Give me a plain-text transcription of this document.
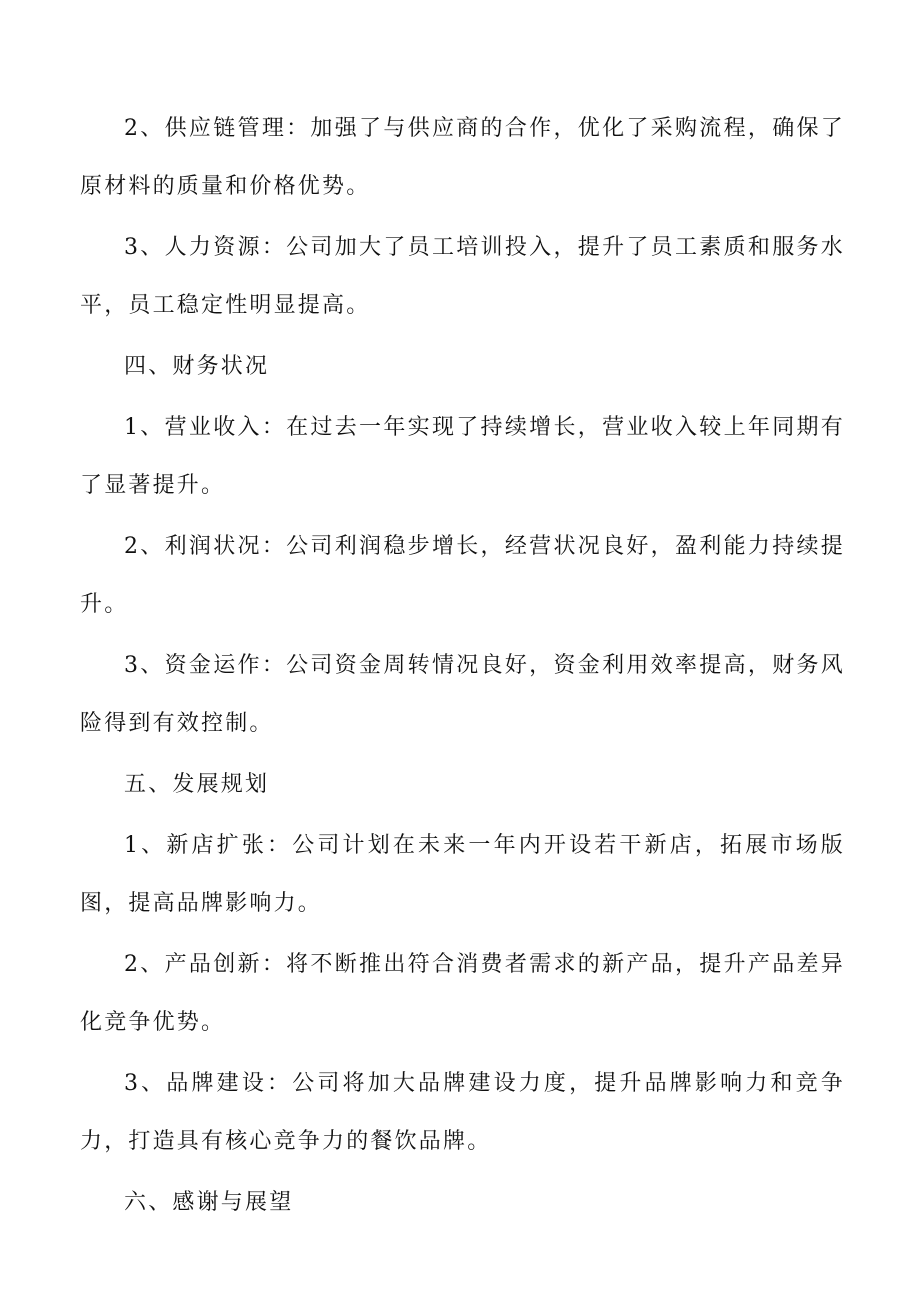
2、供应链管理：加强了与供应商的合作，优化了采购流程，确保了原材料的质量和价格优势。

3、人力资源：公司加大了员工培训投入，提升了员工素质和服务水平，员工稳定性明显提高。

四、财务状况

1、营业收入：在过去一年实现了持续增长，营业收入较上年同期有了显著提升。

2、利润状况：公司利润稳步增长，经营状况良好，盈利能力持续提升。

3、资金运作：公司资金周转情况良好，资金利用效率提高，财务风险得到有效控制。

五、发展规划

1、新店扩张：公司计划在未来一年内开设若干新店，拓展市场版图，提高品牌影响力。

2、产品创新：将不断推出符合消费者需求的新产品，提升产品差异化竞争优势。

3、品牌建设：公司将加大品牌建设力度，提升品牌影响力和竞争力，打造具有核心竞争力的餐饮品牌。

六、感谢与展望
